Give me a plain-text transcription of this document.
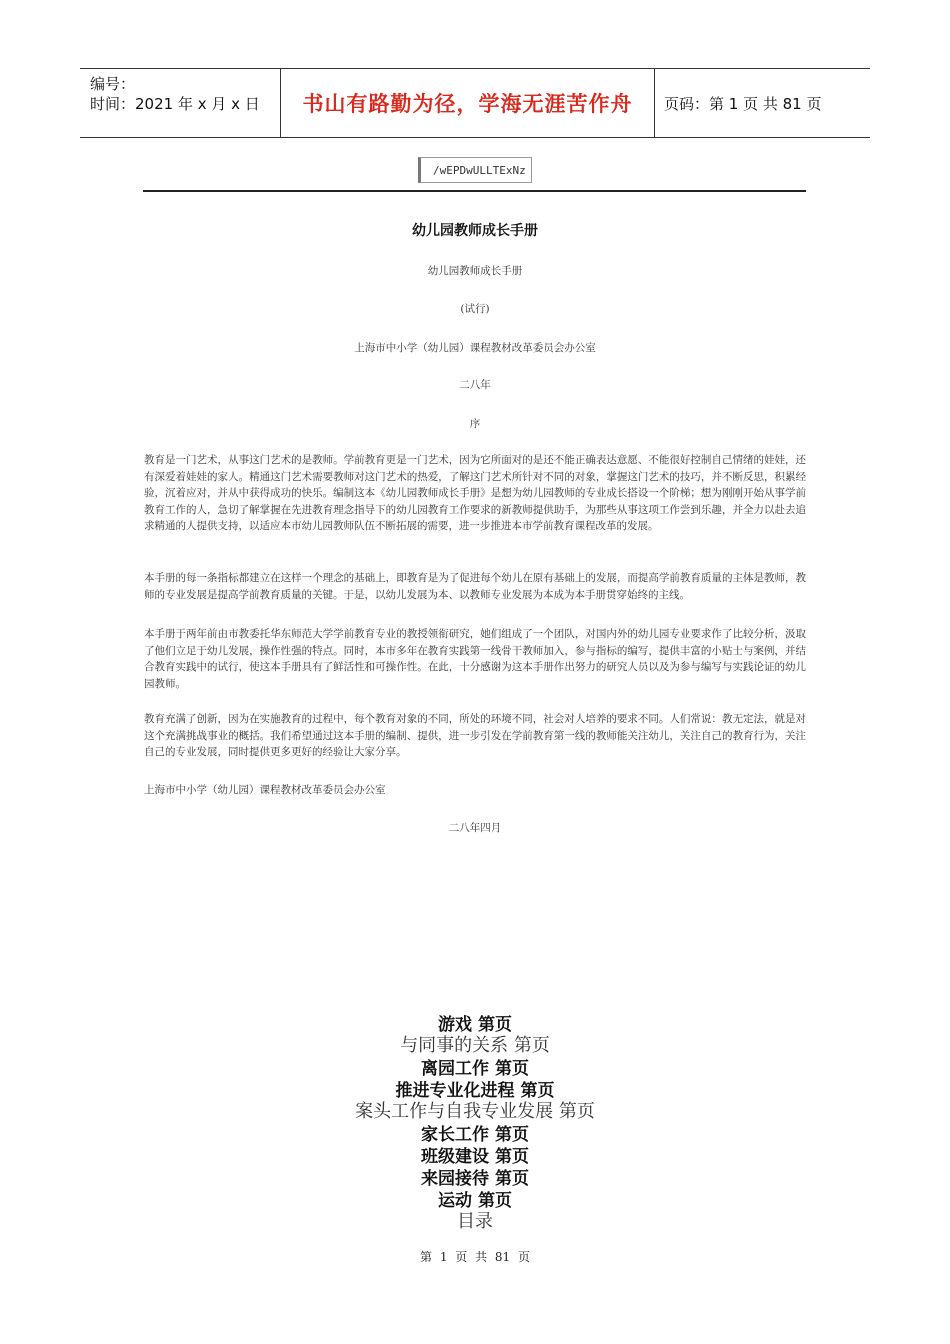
编号：
时间：2021 年 x 月 x 日	书山有路勤为径，学海无涯苦作舟	页码：第 1 页 共 81 页
/wEPDwULLTExNz
幼儿园教师成长手册
幼儿园教师成长手册
(试行)
上海市中小学（幼儿园）课程教材改革委员会办公室
二八年
序

教育是一门艺术，从事这门艺术的是教师。学前教育更是一门艺术，因为它所面对的是还不能正确表达意愿、不能很好控制自己情绪的娃娃，还有深爱着娃娃的家人。精通这门艺术需要教师对这门艺术的热爱，了解这门艺术所针对不同的对象，掌握这门艺术的技巧，并不断反思，积累经验，沉着应对，并从中获得成功的快乐。编制这本《幼儿园教师成长手册》是想为幼儿园教师的专业成长搭设一个阶梯；想为刚刚开始从事学前教育工作的人，急切了解掌握在先进教育理念指导下的幼儿园教育工作要求的新教师提供助手，为那些从事这项工作尝到乐趣，并全力以赴去追求精通的人提供支持，以适应本市幼儿园教师队伍不断拓展的需要，进一步推进本市学前教育课程改革的发展。

本手册的每一条指标都建立在这样一个理念的基础上，即教育是为了促进每个幼儿在原有基础上的发展，而提高学前教育质量的主体是教师，教师的专业发展是提高学前教育质量的关键。于是，以幼儿发展为本、以教师专业发展为本成为本手册贯穿始终的主线。

本手册于两年前由市教委托华东师范大学学前教育专业的教授领衔研究，她们组成了一个团队，对国内外的幼儿园专业要求作了比较分析，汲取了他们立足于幼儿发展，操作性强的特点。同时，本市多年在教育实践第一线骨干教师加入，参与指标的编写，提供丰富的小贴士与案例，并结合教育实践中的试行，使这本手册具有了鲜活性和可操作性。在此，十分感谢为这本手册作出努力的研究人员以及为参与编写与实践论证的幼儿园教师。

教育充满了创新，因为在实施教育的过程中，每个教育对象的不同，所处的环境不同，社会对人培养的要求不同。人们常说：教无定法，就是对这个充满挑战事业的概括。我们希望通过这本手册的编制、提供，进一步引发在学前教育第一线的教师能关注幼儿，关注自己的教育行为，关注自己的专业发展，同时提供更多更好的经验让大家分享。

上海市中小学（幼儿园）课程教材改革委员会办公室
二八年四月
游戏 第页
与同事的关系 第页
离园工作 第页
推进专业化进程 第页
案头工作与自我专业发展 第页
家长工作 第页
班级建设 第页
来园接待 第页
运动 第页
目录
第 1 页 共 81 页
